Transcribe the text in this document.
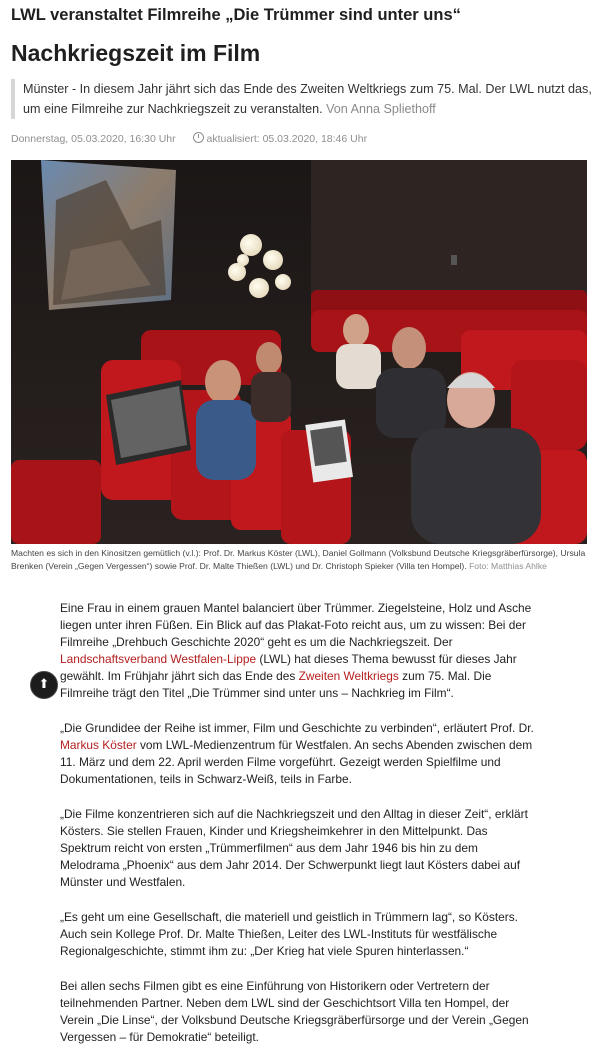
LWL veranstaltet Filmreihe „Die Trümmer sind unter uns“
Nachkriegszeit im Film
Münster - In diesem Jahr jährt sich das Ende des Zweiten Weltkriegs zum 75. Mal. Der LWL nutzt das, um eine Filmreihe zur Nachkriegszeit zu veranstalten. Von Anna Spliethoff
Donnerstag, 05.03.2020, 16:30 Uhr	aktualisiert: 05.03.2020, 18:46 Uhr
⬆
Machten es sich in den Kinositzen gemütlich (v.l.): Prof. Dr. Markus Köster (LWL), Daniel Gollmann (Volksbund Deutsche Kriegsgräberfürsorge), Ursula Brenken (Verein „Gegen Vergessen“) sowie Prof. Dr. Malte Thießen (LWL) und Dr. Christoph Spieker (Villa ten Hompel). Foto: Matthias Ahlke

Eine Frau in einem grauen Mantel balanciert über Trümmer. Ziegelsteine, Holz und Asche liegen unter ihren Füßen. Ein Blick auf das Plakat-Foto reicht aus, um zu wissen: Bei der Filmreihe „Drehbuch Geschichte 2020“ geht es um die Nachkriegszeit. Der Landschaftsverband Westfalen-Lippe (LWL) hat dieses Thema bewusst für dieses Jahr gewählt. Im Frühjahr jährt sich das Ende des Zweiten Weltkriegs zum 75. Mal. Die Filmreihe trägt den Titel „Die Trümmer sind unter uns – Nachkrieg im Film“.

„Die Grundidee der Reihe ist immer, Film und Geschichte zu verbinden“, erläutert Prof. Dr. Markus Köster vom LWL-Medienzentrum für Westfalen. An sechs Abenden zwischen dem 11. März und dem 22. April werden Filme vorgeführt. Gezeigt werden Spielfilme und Dokumentationen, teils in Schwarz-Weiß, teils in Farbe.

„Die Filme konzentrieren sich auf die Nachkriegszeit und den Alltag in dieser Zeit“, erklärt Kösters. Sie stellen Frauen, Kinder und Kriegsheimkehrer in den Mittelpunkt. Das Spektrum reicht von ersten „Trümmerfilmen“ aus dem Jahr 1946 bis hin zu dem Melodrama „Phoenix“ aus dem Jahr 2014. Der Schwerpunkt liegt laut Kösters dabei auf Münster und Westfalen.

„Es geht um eine Gesellschaft, die materiell und geistlich in Trümmern lag“, so Kösters. Auch sein Kollege Prof. Dr. Malte Thießen, Leiter des LWL-Instituts für westfälische Regionalgeschichte, stimmt ihm zu: „Der Krieg hat viele Spuren hinterlassen.“

Bei allen sechs Filmen gibt es eine Einführung von Historikern oder Vertretern der teilnehmenden Partner. Neben dem LWL sind der Geschichtsort Villa ten Hompel, der Verein „Die Linse“, der Volksbund Deutsche Kriegsgräberfürsorge und der Verein „Gegen Vergessen – für Demokratie“ beteiligt.
